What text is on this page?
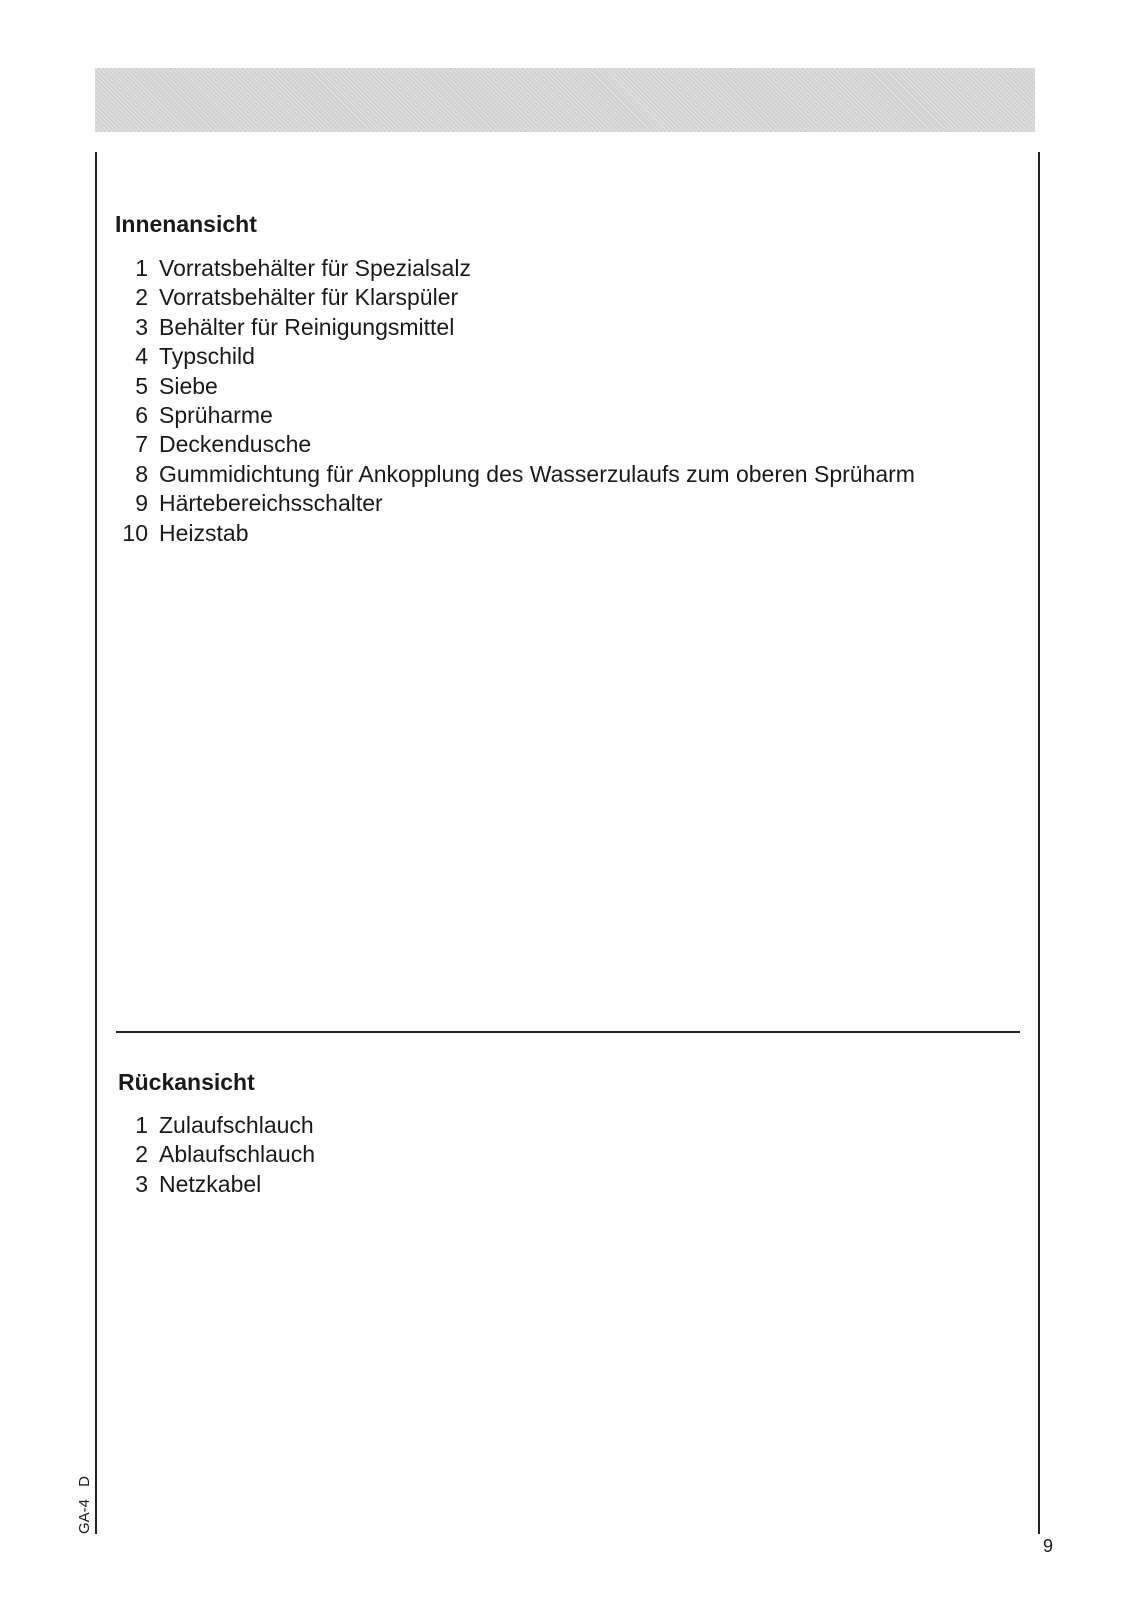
Innenansicht
1 Vorratsbehälter für Spezialsalz
2 Vorratsbehälter für Klarspüler
3 Behälter für Reinigungsmittel
4 Typschild
5 Siebe
6 Sprüharme
7 Deckendusche
8 Gummidichtung für Ankopplung des Wasserzulaufs zum oberen Sprüharm
9 Härtebereichsschalter
10 Heizstab
Rückansicht
1 Zulaufschlauch
2 Ablaufschlauch
3 Netzkabel
GA-4 D
9
